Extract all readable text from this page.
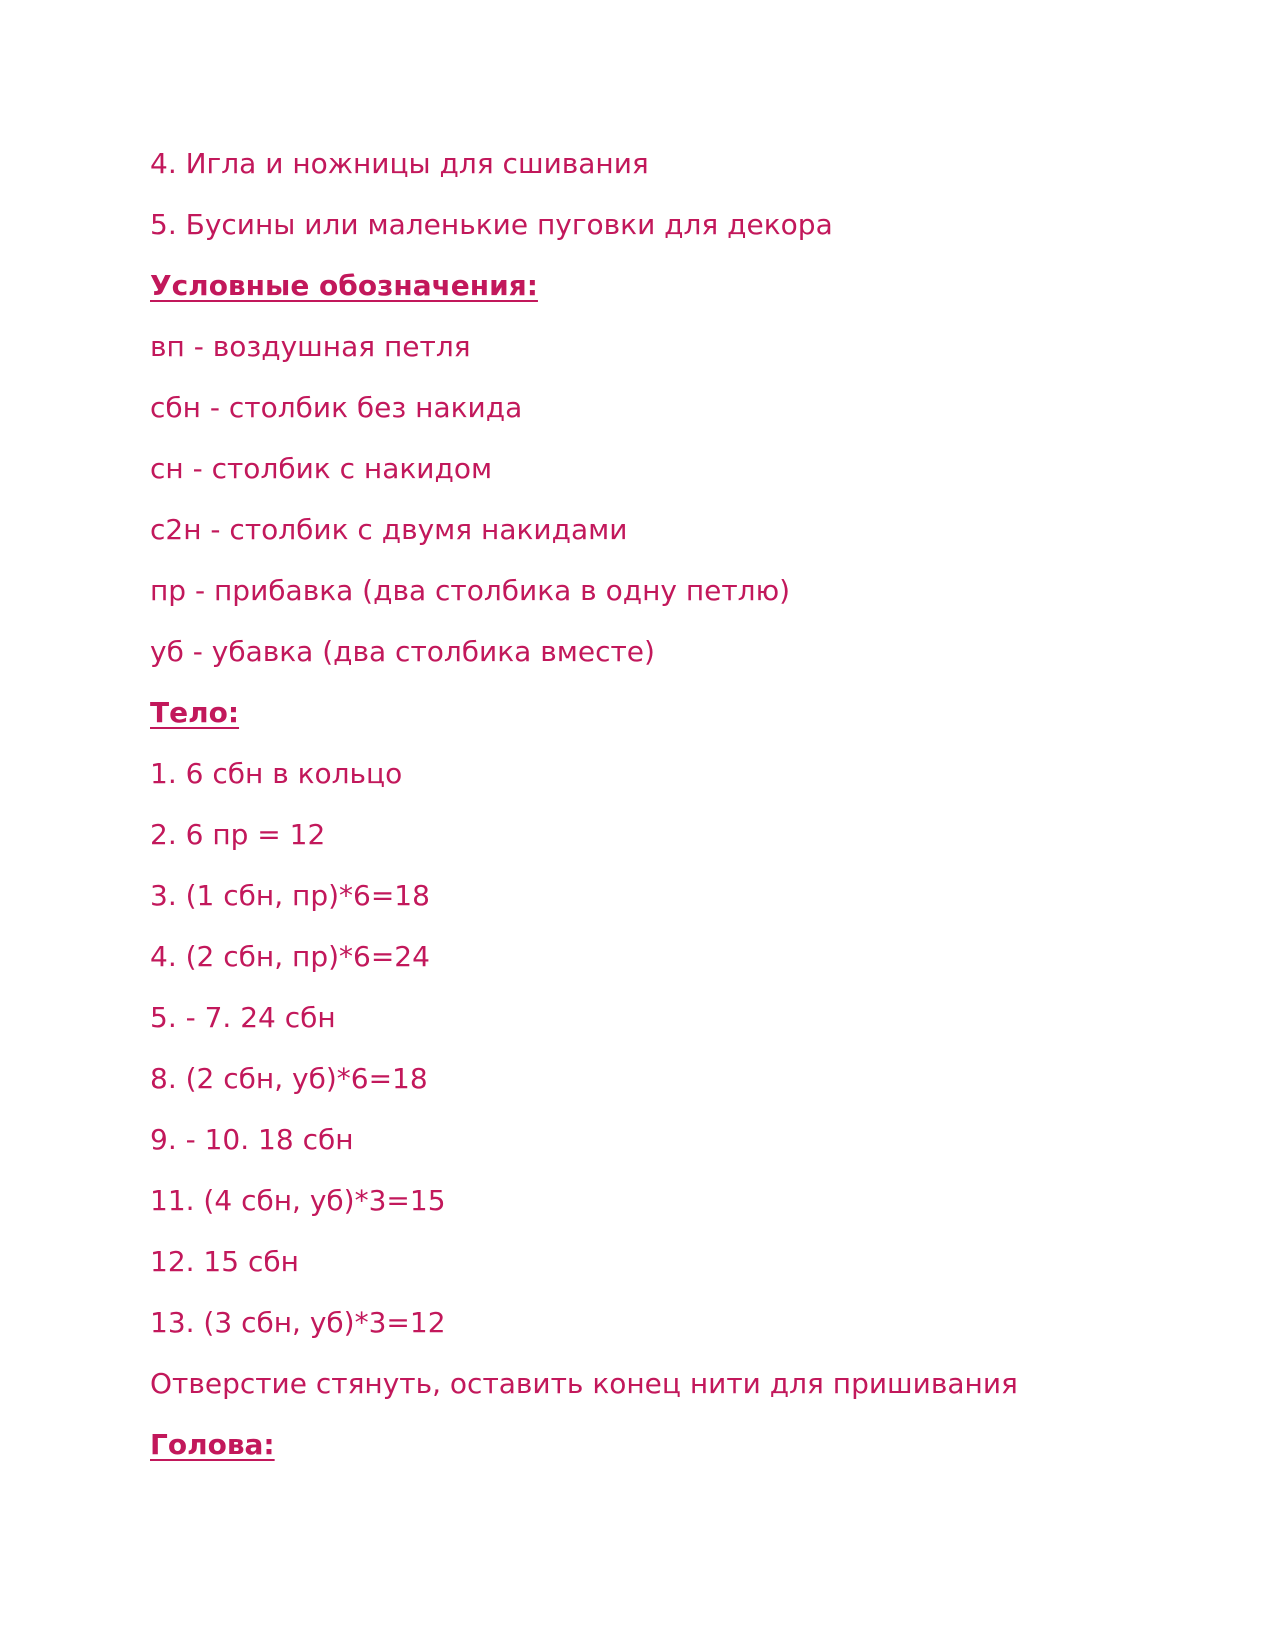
4. Игла и ножницы для сшивания
5. Бусины или маленькие пуговки для декора
Условные обозначения:
вп - воздушная петля
сбн - столбик без накида
сн - столбик с накидом
с2н - столбик с двумя накидами
пр - прибавка (два столбика в одну петлю)
уб - убавка (два столбика вместе)
Тело:
1. 6 сбн в кольцо
2. 6 пр = 12
3. (1 сбн, пр)*6=18
4. (2 сбн, пр)*6=24
5. - 7. 24 сбн
8. (2 сбн, уб)*6=18
9. - 10. 18 сбн
11. (4 сбн, уб)*3=15
12. 15 сбн
13. (3 сбн, уб)*3=12
Отверстие стянуть, оставить конец нити для пришивания
Голова:
